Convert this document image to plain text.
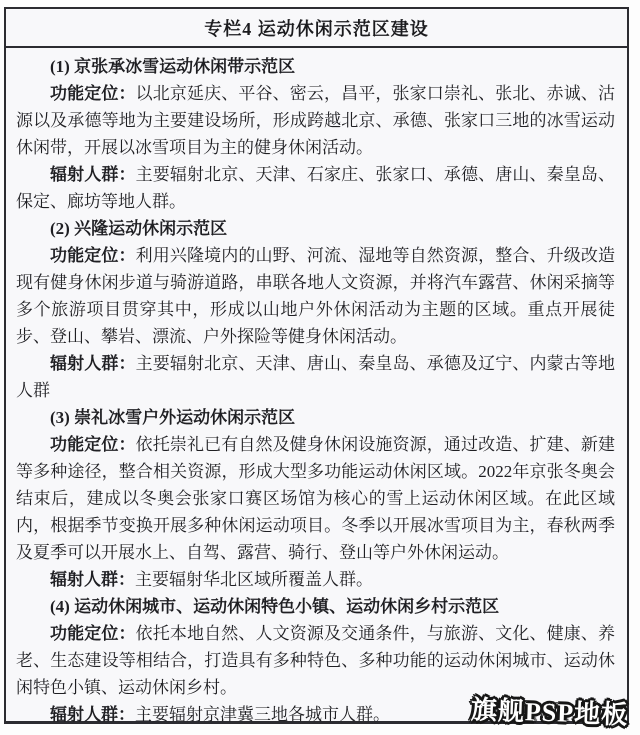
专栏4 运动休闲示范区建设

(1) 京张承冰雪运动休闲带示范区

功能定位：以北京延庆、平谷、密云，昌平，张家口崇礼、张北、赤诚、沽源以及承德等地为主要建设场所，形成跨越北京、承德、张家口三地的冰雪运动休闲带，开展以冰雪项目为主的健身休闲活动。

辐射人群：主要辐射北京、天津、石家庄、张家口、承德、唐山、秦皇岛、保定、廊坊等地人群。

(2) 兴隆运动休闲示范区

功能定位：利用兴隆境内的山野、河流、湿地等自然资源，整合、升级改造现有健身休闲步道与骑游道路，串联各地人文资源，并将汽车露营、休闲采摘等多个旅游项目贯穿其中，形成以山地户外休闲活动为主题的区域。重点开展徒步、登山、攀岩、漂流、户外探险等健身休闲活动。

辐射人群：主要辐射北京、天津、唐山、秦皇岛、承德及辽宁、内蒙古等地人群

(3) 崇礼冰雪户外运动休闲示范区

功能定位：依托崇礼已有自然及健身休闲设施资源，通过改造、扩建、新建等多种途径，整合相关资源，形成大型多功能运动休闲区域。2022年京张冬奥会结束后，建成以冬奥会张家口赛区场馆为核心的雪上运动休闲区域。在此区域内，根据季节变换开展多种休闲运动项目。冬季以开展冰雪项目为主，春秋两季及夏季可以开展水上、自驾、露营、骑行、登山等户外休闲运动。

辐射人群：主要辐射华北区域所覆盖人群。

(4) 运动休闲城市、运动休闲特色小镇、运动休闲乡村示范区

功能定位：依托本地自然、人文资源及交通条件，与旅游、文化、健康、养老、生态建设等相结合，打造具有多种特色、多种功能的运动休闲城市、运动休闲特色小镇、运动休闲乡村。

辐射人群：主要辐射京津冀三地各城市人群。	旗舰PSP地板
